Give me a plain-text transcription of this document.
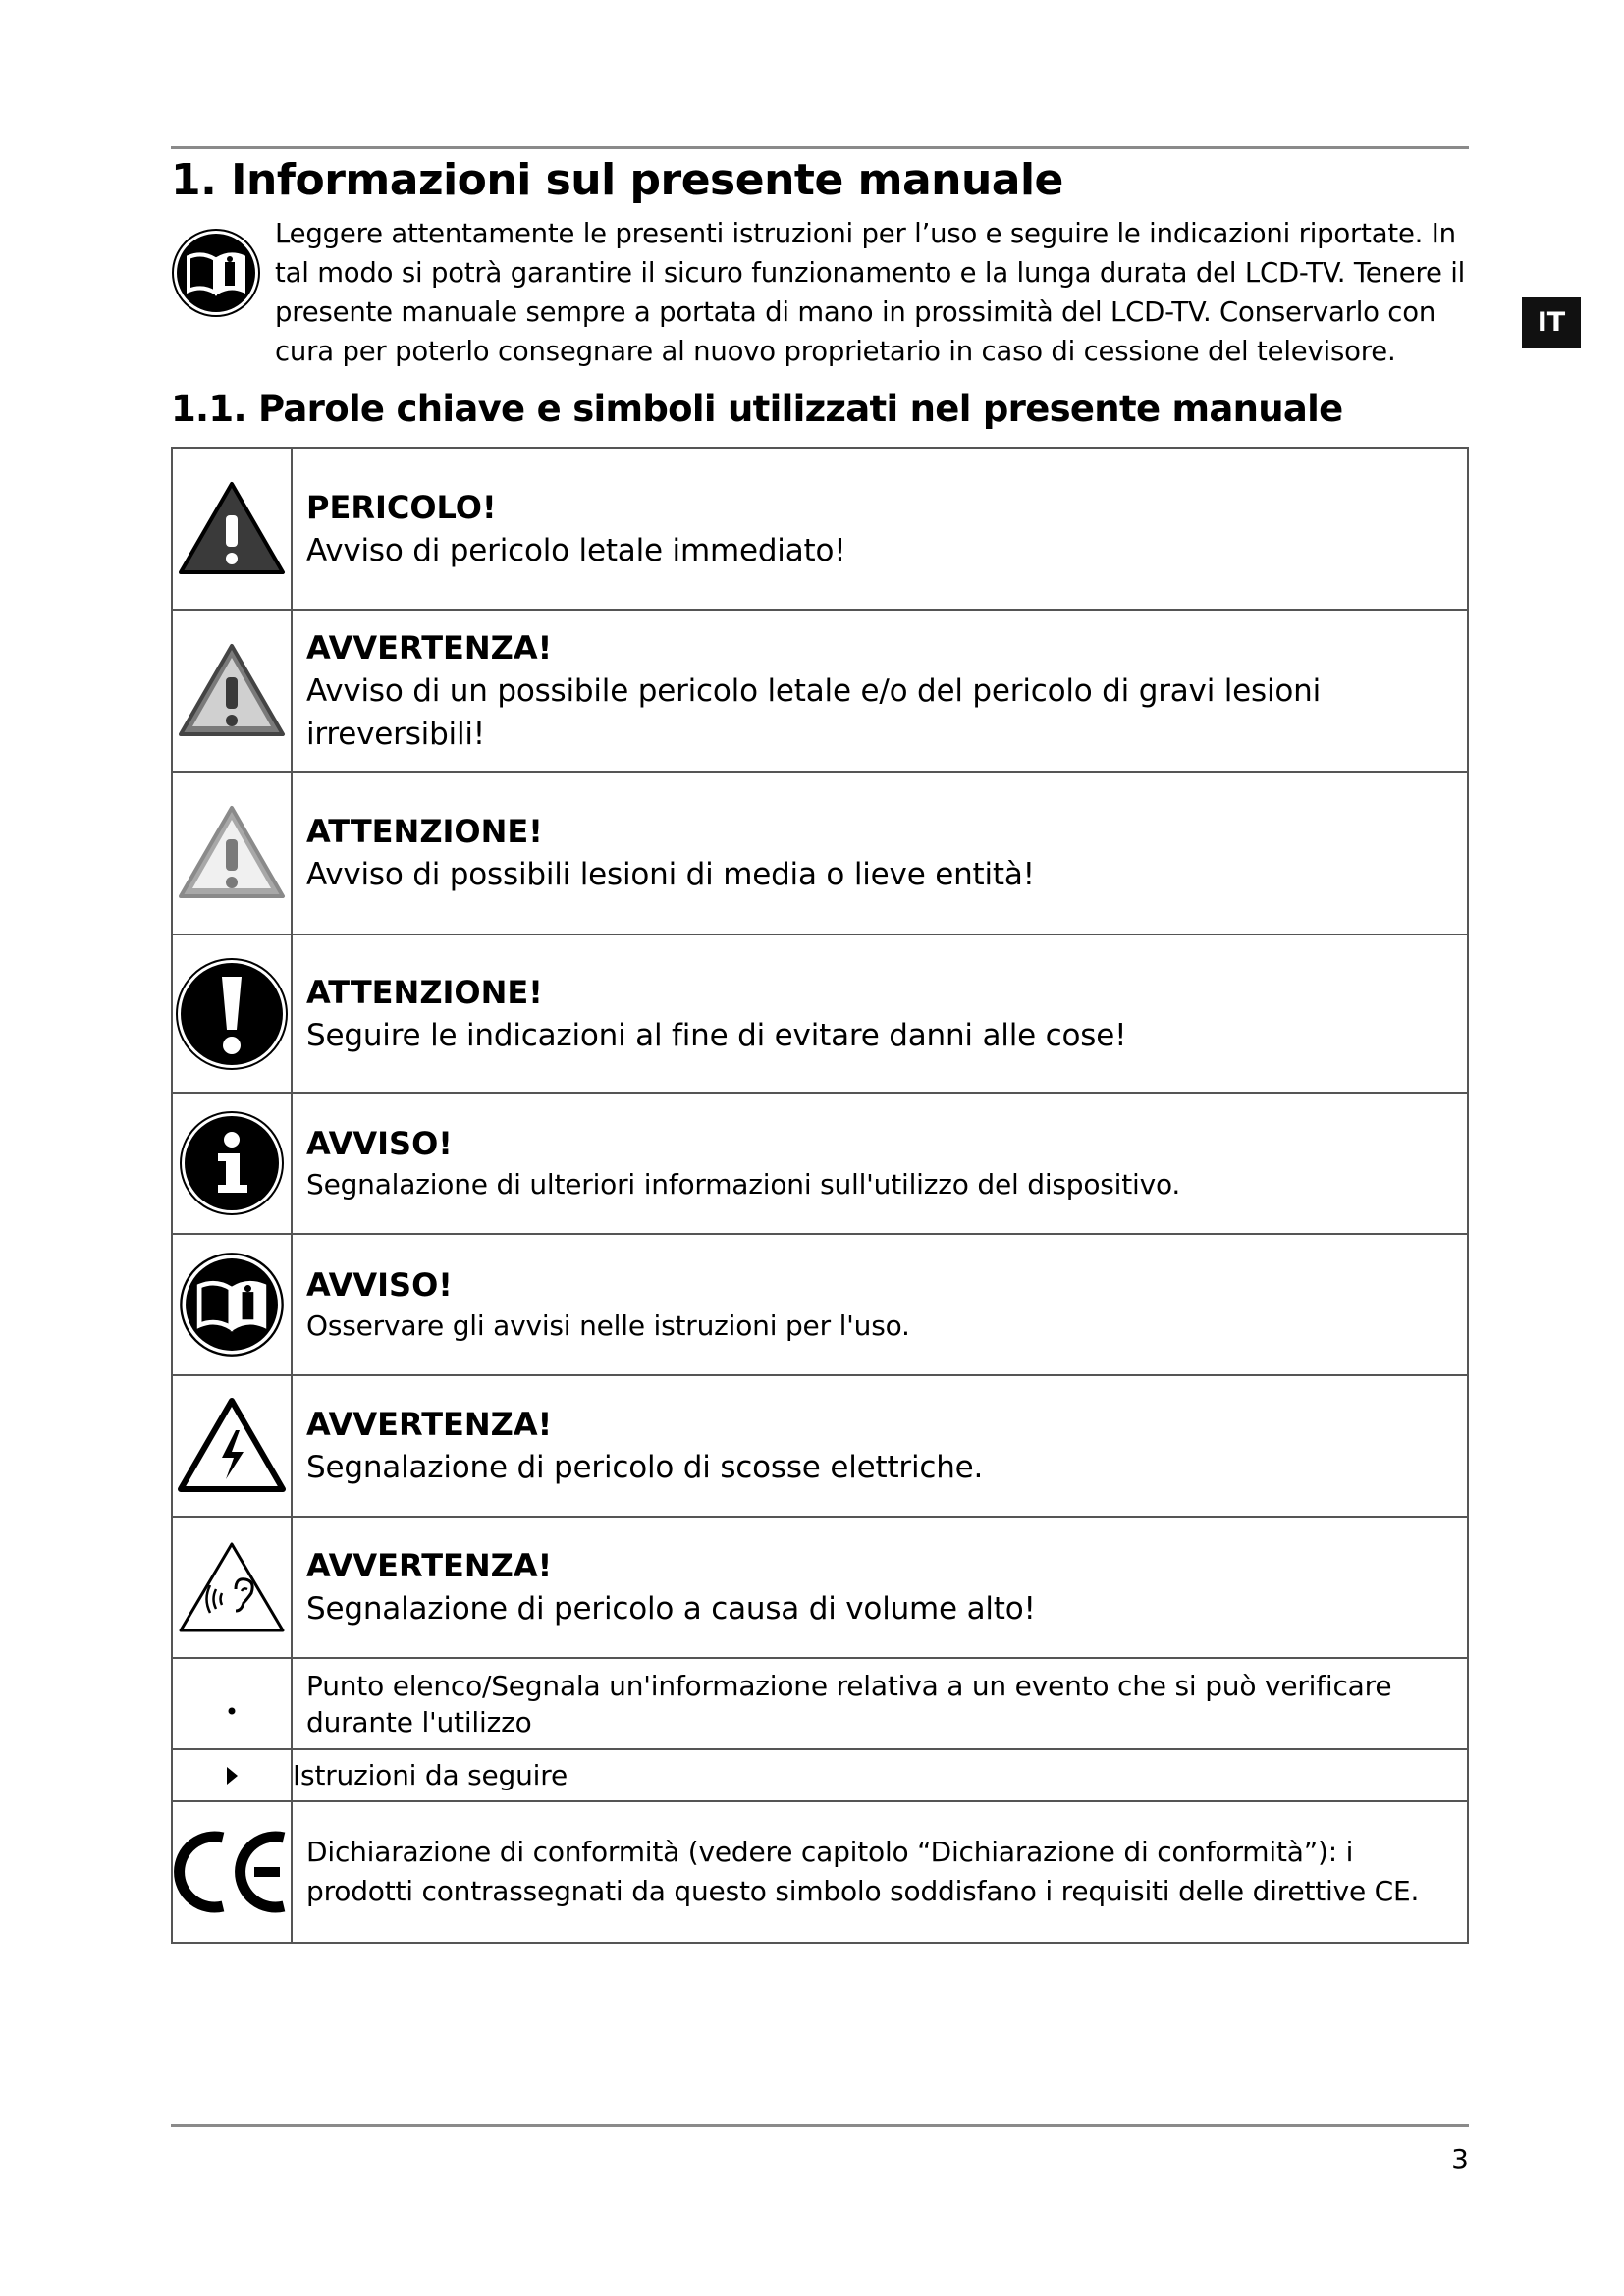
1. Informazioni sul presente manuale

Leggere attentamente le presenti istruzioni per l’uso e seguire le indicazioni riportate. In tal modo si potrà garantire il sicuro funzionamento e la lunga durata del LCD-TV. Tenere il presente manuale sempre a portata di mano in prossimità del LCD-TV. Conservarlo con cura per poterlo consegnare al nuovo proprietario in caso di cessione del televisore.

IT
1.1. Parole chiave e simboli utilizzati nel presente manuale

PERICOLO!
Avviso di pericolo letale immediato!

AVVERTENZA!
Avviso di un possibile pericolo letale e/o del pericolo di gravi lesioni irreversibili!

ATTENZIONE!
Avviso di possibili lesioni di media o lieve entità!

ATTENZIONE!
Seguire le indicazioni al fine di evitare danni alle cose!

AVVISO!
Segnalazione di ulteriori informazioni sull'utilizzo del dispositivo.

AVVISO!
Osservare gli avvisi nelle istruzioni per l'uso.

AVVERTENZA!
Segnalazione di pericolo di scosse elettriche.

AVVERTENZA!
Segnalazione di pericolo a causa di volume alto!

Punto elenco/Segnala un'informazione relativa a un evento che si può verificare durante l'utilizzo

Istruzioni da seguire

Dichiarazione di conformità (vedere capitolo “Dichiarazione di conformità”): i prodotti contrassegnati da questo simbolo soddisfano i requisiti delle direttive CE.
3
